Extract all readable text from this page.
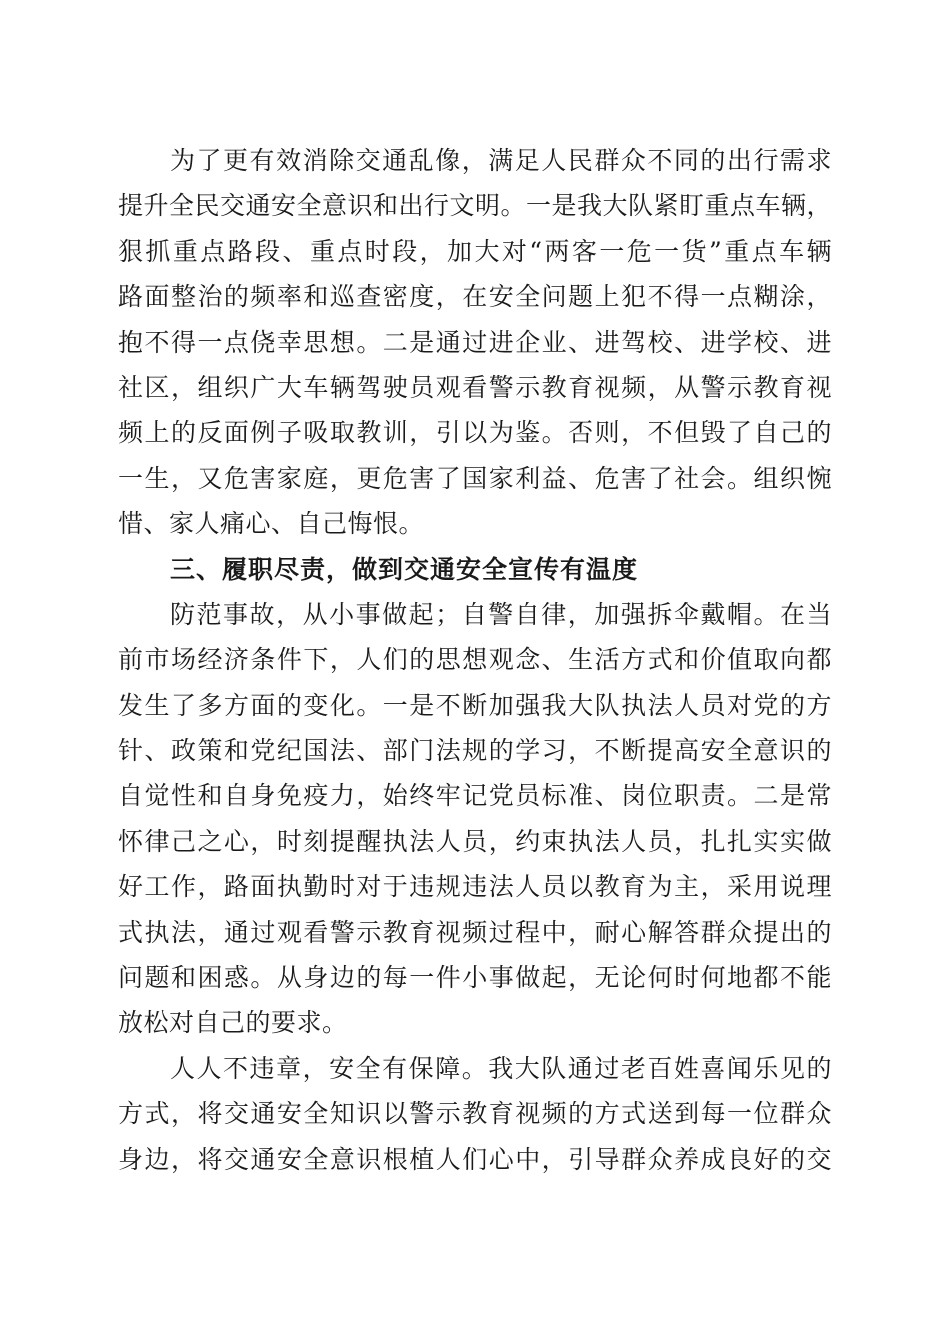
为了更有效消除交通乱像，满足人民群众不同的出行需求
提升全民交通安全意识和出行文明。一是我大队紧盯重点车辆，
狠抓重点路段、重点时段，加大对“两客一危一货”重点车辆
路面整治的频率和巡查密度，在安全问题上犯不得一点糊涂，
抱不得一点侥幸思想。二是通过进企业、进驾校、进学校、进
社区，组织广大车辆驾驶员观看警示教育视频，从警示教育视
频上的反面例子吸取教训，引以为鉴。否则，不但毁了自己的
一生，又危害家庭，更危害了国家利益、危害了社会。组织惋
惜、家人痛心、自己悔恨。
三、履职尽责，做到交通安全宣传有温度
防范事故，从小事做起；自警自律，加强拆伞戴帽。在当
前市场经济条件下，人们的思想观念、生活方式和价值取向都
发生了多方面的变化。一是不断加强我大队执法人员对党的方
针、政策和党纪国法、部门法规的学习，不断提高安全意识的
自觉性和自身免疫力，始终牢记党员标准、岗位职责。二是常
怀律己之心，时刻提醒执法人员，约束执法人员，扎扎实实做
好工作，路面执勤时对于违规违法人员以教育为主，采用说理
式执法，通过观看警示教育视频过程中，耐心解答群众提出的
问题和困惑。从身边的每一件小事做起，无论何时何地都不能
放松对自己的要求。
人人不违章，安全有保障。我大队通过老百姓喜闻乐见的
方式，将交通安全知识以警示教育视频的方式送到每一位群众
身边，将交通安全意识根植人们心中，引导群众养成良好的交
